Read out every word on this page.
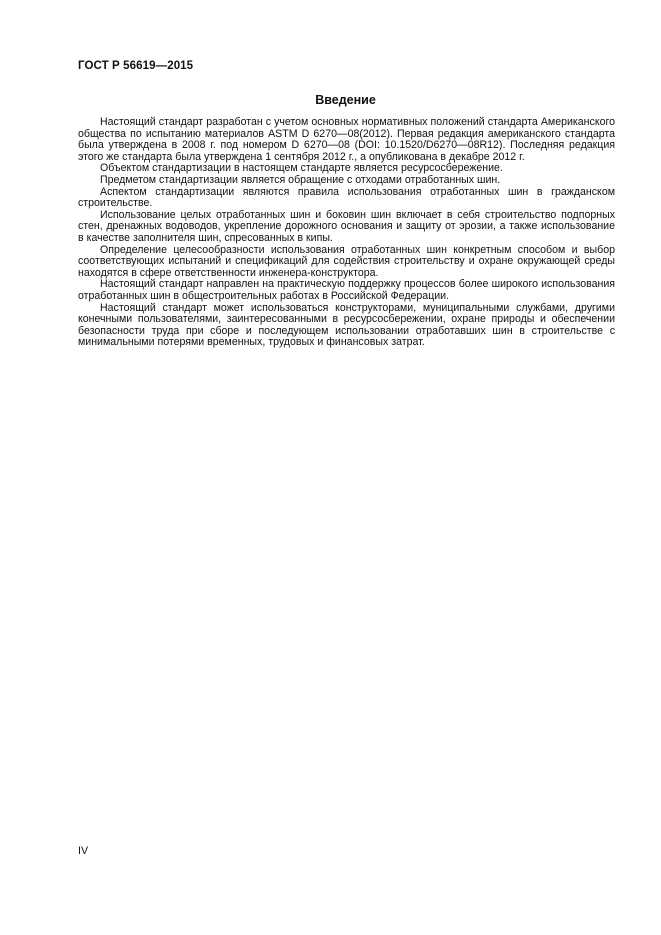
ГОСТ Р 56619—2015
Введение

Настоящий стандарт разработан с учетом основных нормативных положений стандарта Американского общества по испытанию материалов ASTM D 6270—08(2012). Первая редакция американского стандарта была утверждена в 2008 г. под номером D 6270—08 (DOI: 10.1520/D6270—08R12). Последняя редакция этого же стандарта была утверждена 1 сентября 2012 г., а опубликована в декабре 2012 г.

Объектом стандартизации в настоящем стандарте является ресурсосбережение.

Предметом стандартизации является обращение с отходами отработанных шин.

Аспектом стандартизации являются правила использования отработанных шин в гражданском строительстве.

Использование целых отработанных шин и боковин шин включает в себя строительство подпорных стен, дренажных водоводов, укрепление дорожного основания и защиту от эрозии, а также использование в качестве заполнителя шин, спресованных в кипы.

Определение целесообразности использования отработанных шин конкретным способом и выбор соответствующих испытаний и спецификаций для содействия строительству и охране окружающей среды находятся в сфере ответственности инженера-конструктора.

Настоящий стандарт направлен на практическую поддержку процессов более широкого использования отработанных шин в общестроительных работах в Российской Федерации.

Настоящий стандарт может использоваться конструкторами, муниципальными службами, другими конечными пользователями, заинтересованными в ресурсосбережении, охране природы и обеспечении безопасности труда при сборе и последующем использовании отработавших шин в строительстве с минимальными потерями временных, трудовых и финансовых затрат.

IV
